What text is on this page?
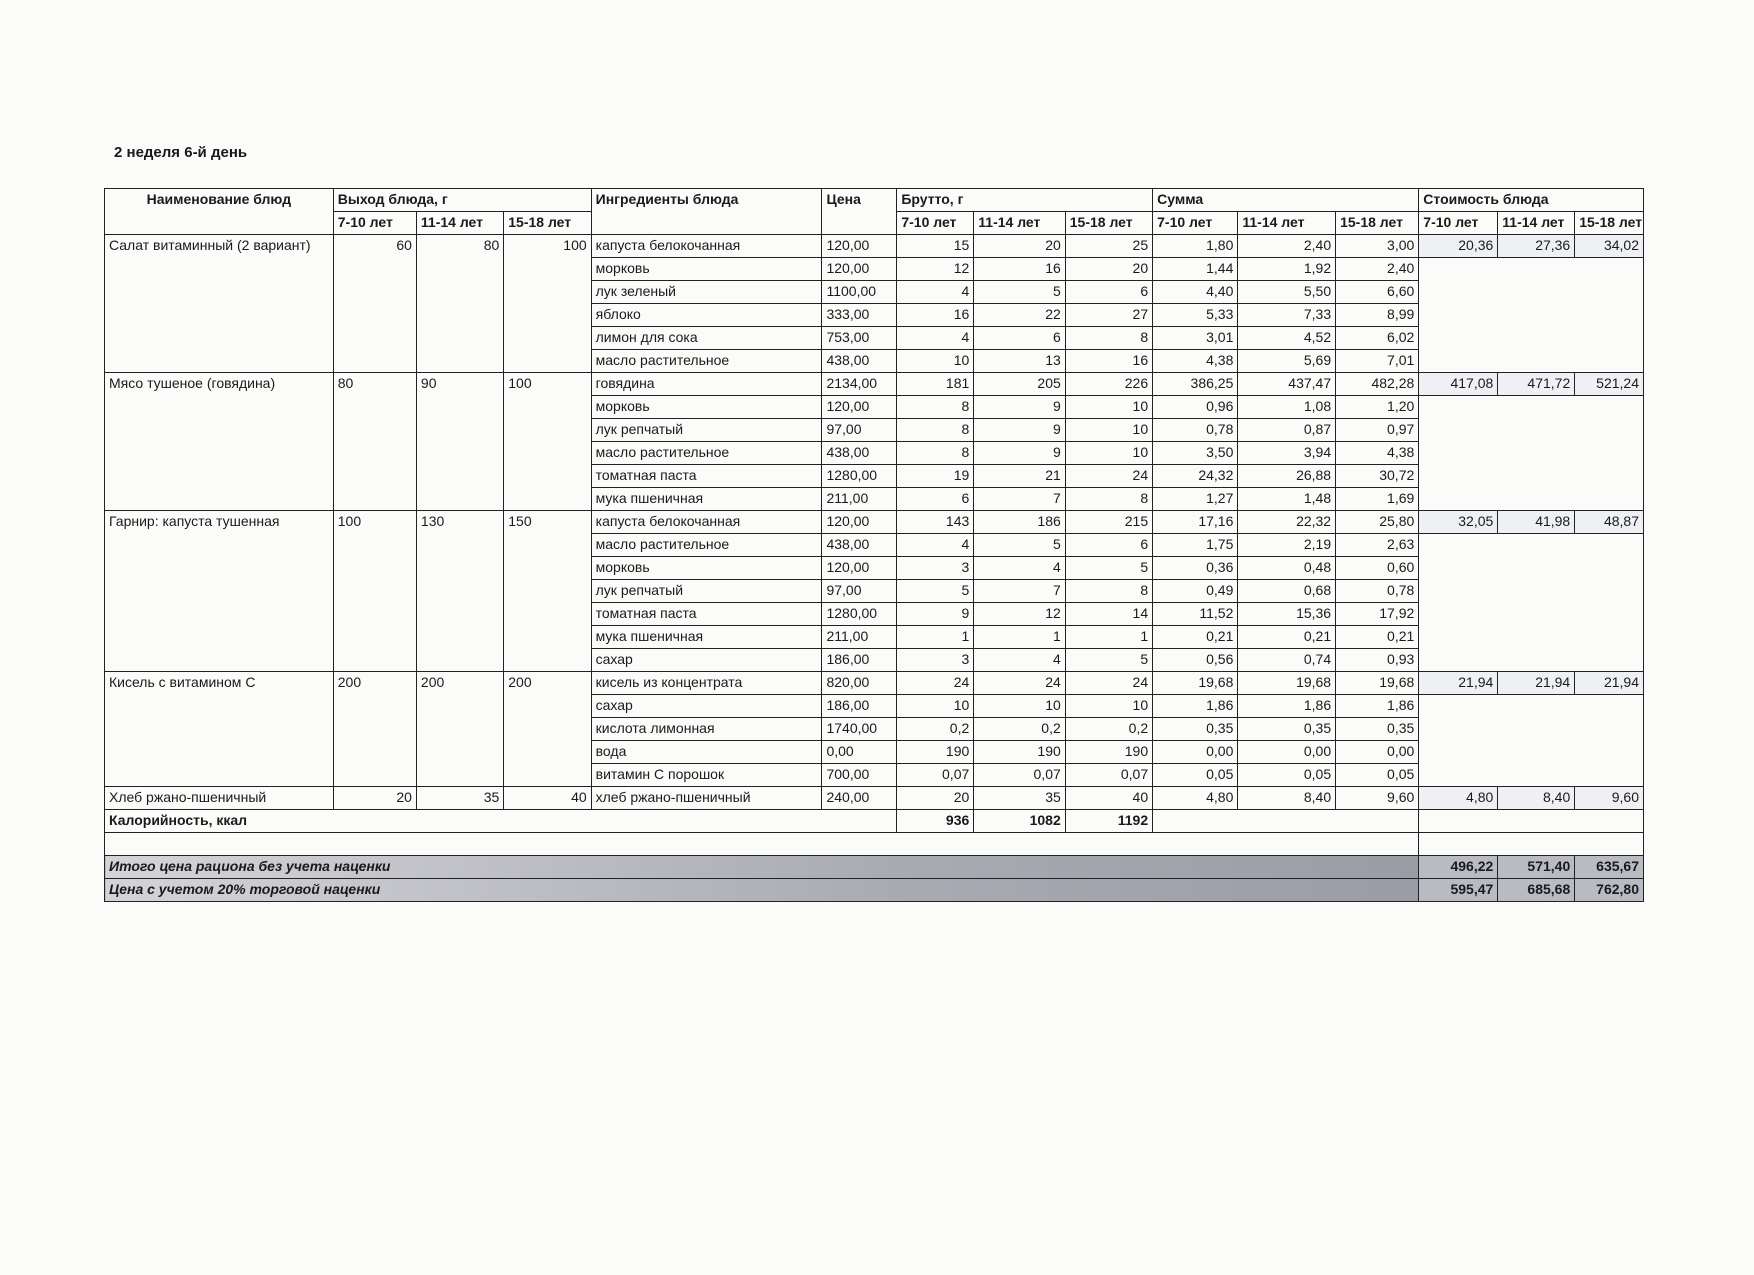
2 неделя 6-й день
Наименование блюд	Выход блюда, г			Ингредиенты блюда	Цена	Брутто, г			Сумма			Стоимость блюда		
	7-10 лет	11-14 лет	15-18 лет			7-10 лет	11-14 лет	15-18 лет	7-10 лет	11-14 лет	15-18 лет	7-10 лет	11-14 лет	15-18 лет
Салат витаминный (2 вариант)	60	80	100	капуста белокочанная	120,00	15	20	25	1,80	2,40	3,00	20,36	27,36	34,02
				морковь	120,00	12	16	20	1,44	1,92	2,40			
				лук зеленый	1100,00	4	5	6	4,40	5,50	6,60			
				яблоко	333,00	16	22	27	5,33	7,33	8,99			
				лимон для сока	753,00	4	6	8	3,01	4,52	6,02			
				масло растительное	438,00	10	13	16	4,38	5,69	7,01			
Мясо тушеное (говядина)	80	90	100	говядина	2134,00	181	205	226	386,25	437,47	482,28	417,08	471,72	521,24
				морковь	120,00	8	9	10	0,96	1,08	1,20			
				лук репчатый	97,00	8	9	10	0,78	0,87	0,97			
				масло растительное	438,00	8	9	10	3,50	3,94	4,38			
				томатная паста	1280,00	19	21	24	24,32	26,88	30,72			
				мука пшеничная	211,00	6	7	8	1,27	1,48	1,69			
Гарнир: капуста тушенная	100	130	150	капуста белокочанная	120,00	143	186	215	17,16	22,32	25,80	32,05	41,98	48,87
				масло растительное	438,00	4	5	6	1,75	2,19	2,63			
				морковь	120,00	3	4	5	0,36	0,48	0,60			
				лук репчатый	97,00	5	7	8	0,49	0,68	0,78			
				томатная паста	1280,00	9	12	14	11,52	15,36	17,92			
				мука пшеничная	211,00	1	1	1	0,21	0,21	0,21			
				сахар	186,00	3	4	5	0,56	0,74	0,93			
Кисель с витамином С	200	200	200	кисель из концентрата	820,00	24	24	24	19,68	19,68	19,68	21,94	21,94	21,94
				сахар	186,00	10	10	10	1,86	1,86	1,86			
				кислота лимонная	1740,00	0,2	0,2	0,2	0,35	0,35	0,35			
				вода	0,00	190	190	190	0,00	0,00	0,00			
				витамин С порошок	700,00	0,07	0,07	0,07	0,05	0,05	0,05			
Хлеб ржано-пшеничный	20	35	40	хлеб ржано-пшеничный	240,00	20	35	40	4,80	8,40	9,60	4,80	8,40	9,60
Калорийность, ккал						936	1082	1192						

Итого цена рациона без учета наценки												496,22	571,40	635,67
Цена с учетом 20% торговой наценки												595,47	685,68	762,80
